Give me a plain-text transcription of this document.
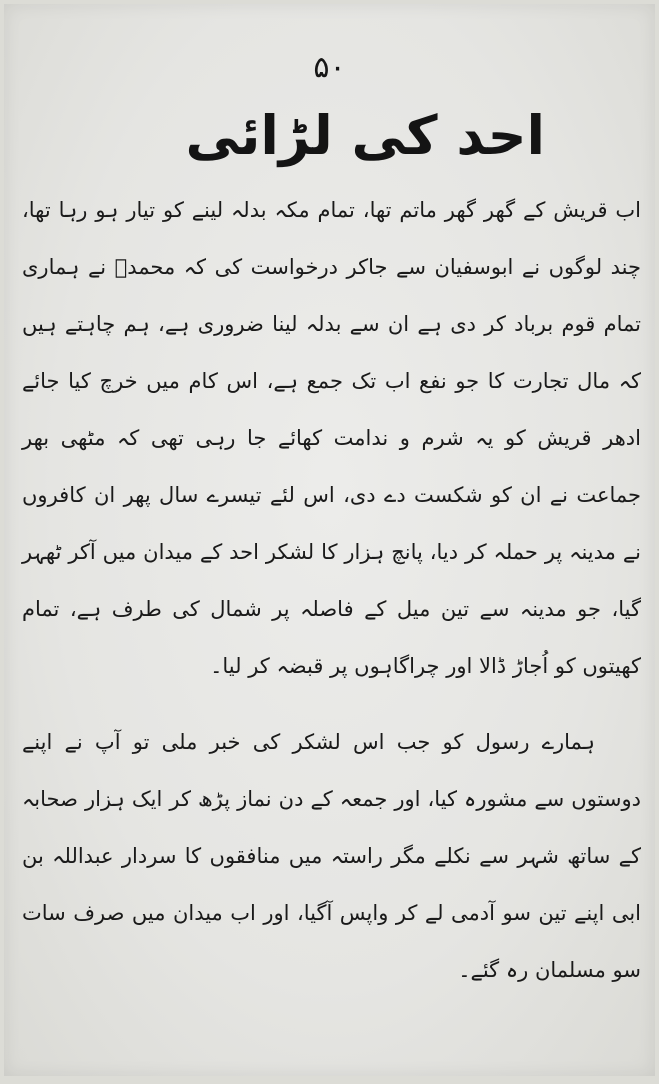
۵۰
احد کی لڑائی

اب قریش کے گھر گھر ماتم تھا، تمام مکہ بدلہ لینے کو تیار ہو رہا تھا، چند لوگوں نے ابوسفیان سے جاکر درخواست کی کہ محمدؐ نے ہماری تمام قوم برباد کر دی ہے ان سے بدلہ لینا ضروری ہے، ہم چاہتے ہیں کہ مال تجارت کا جو نفع اب تک جمع ہے، اس کام میں خرچ کیا جائے ادھر قریش کو یہ شرم و ندامت کھائے جا رہی تھی کہ مٹھی بھر جماعت نے ان کو شکست دے دی، اس لئے تیسرے سال پھر ان کافروں نے مدینہ پر حملہ کر دیا، پانچ ہزار کا لشکر احد کے میدان میں آکر ٹھہر گیا، جو مدینہ سے تین میل کے فاصلہ پر شمال کی طرف ہے، تمام کھیتوں کو اُجاڑ ڈالا اور چراگاہوں پر قبضہ کر لیا۔

ہمارے رسول کو جب اس لشکر کی خبر ملی تو آپ نے اپنے دوستوں سے مشورہ کیا، اور جمعہ کے دن نماز پڑھ کر ایک ہزار صحابہ کے ساتھ شہر سے نکلے مگر راستہ میں منافقوں کا سردار عبداللہ بن ابی اپنے تین سو آدمی لے کر واپس آگیا، اور اب میدان میں صرف سات سو مسلمان رہ گئے۔
